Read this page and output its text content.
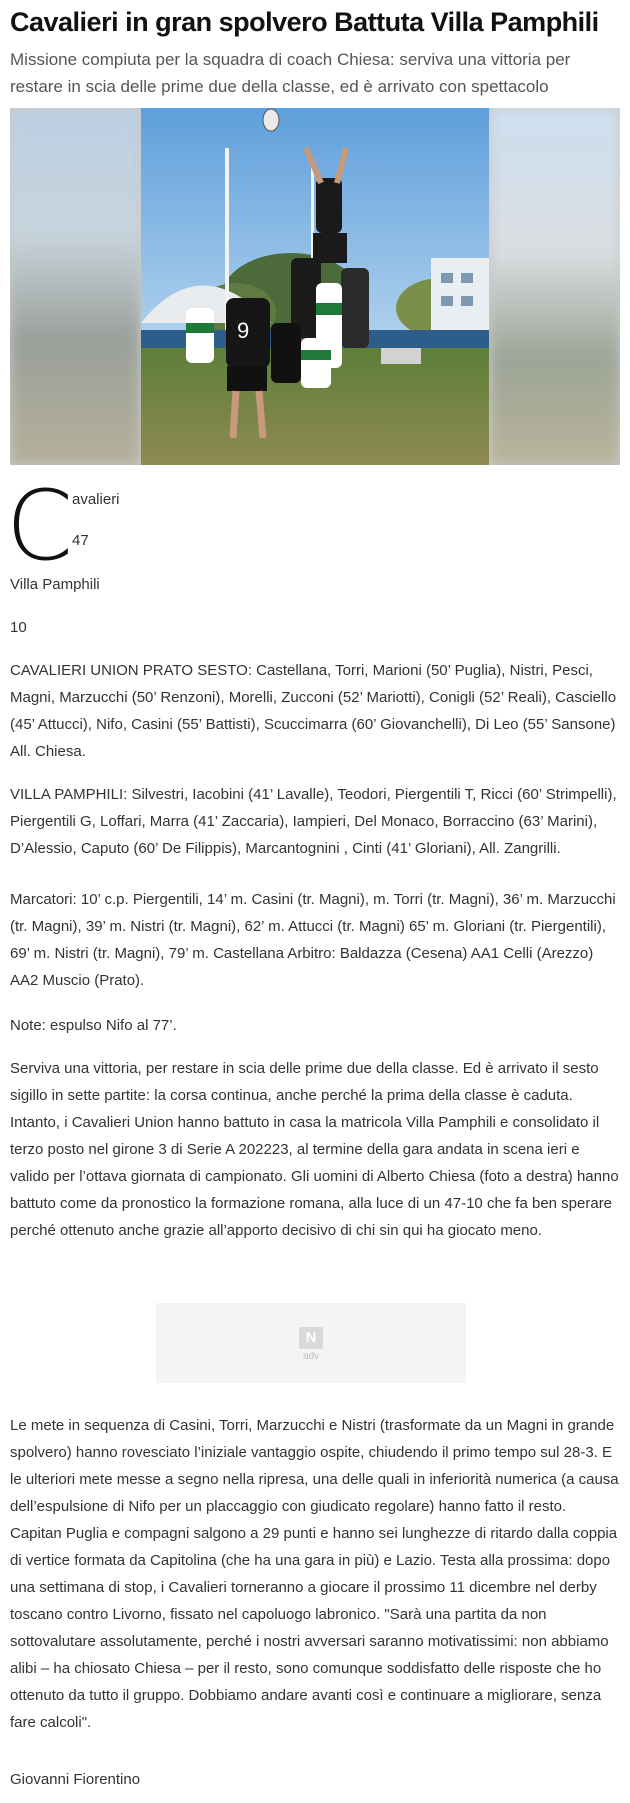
Cavalieri in gran spolvero Battuta Villa Pamphili
Missione compiuta per la squadra di coach Chiesa: serviva una vittoria per restare in scia delle prime due della classe, ed è arrivato con spettacolo
9
C
avalieri
47
Villa Pamphili
10

CAVALIERI UNION PRATO SESTO: Castellana, Torri, Marioni (50’ Puglia), Nistri, Pesci, Magni, Marzucchi (50’ Renzoni), Morelli, Zucconi (52’ Mariotti), Conigli (52’ Reali), Casciello (45’ Attucci), Nifo, Casini (55’ Battisti), Scuccimarra (60’ Giovanchelli), Di Leo (55’ Sansone) All. Chiesa.

VILLA PAMPHILI: Silvestri, Iacobini (41’ Lavalle), Teodori, Piergentili T, Ricci (60’ Strimpelli), Piergentili G, Loffari, Marra (41’ Zaccaria), Iampieri, Del Monaco, Borraccino (63’ Marini), D’Alessio, Caputo (60’ De Filippis), Marcantognini , Cinti (41’ Gloriani), All. Zangrilli.

Marcatori: 10’ c.p. Piergentili, 14’ m. Casini (tr. Magni), m. Torri (tr. Magni), 36’ m. Marzucchi (tr. Magni), 39’ m. Nistri (tr. Magni), 62’ m. Attucci (tr. Magni) 65’ m. Gloriani (tr. Piergentili), 69’ m. Nistri (tr. Magni), 79’ m. Castellana Arbitro: Baldazza (Cesena) AA1 Celli (Arezzo) AA2 Muscio (Prato).

Note: espulso Nifo al 77’.

Serviva una vittoria, per restare in scia delle prime due della classe. Ed è arrivato il sesto sigillo in sette partite: la corsa continua, anche perché la prima della classe è caduta. Intanto, i Cavalieri Union hanno battuto in casa la matricola Villa Pamphili e consolidato il terzo posto nel girone 3 di Serie A 202223, al termine della gara andata in scena ieri e valido per l’ottava giornata di campionato. Gli uomini di Alberto Chiesa (foto a destra) hanno battuto come da pronostico la formazione romana, alla luce di un 47-10 che fa ben sperare perché ottenuto anche grazie all’apporto decisivo di chi sin qui ha giocato meno.

N
adv

Le mete in sequenza di Casini, Torri, Marzucchi e Nistri (trasformate da un Magni in grande spolvero) hanno rovesciato l’iniziale vantaggio ospite, chiudendo il primo tempo sul 28-3. E le ulteriori mete messe a segno nella ripresa, una delle quali in inferiorità numerica (a causa dell’espulsione di Nifo per un placcaggio con giudicato regolare) hanno fatto il resto. Capitan Puglia e compagni salgono a 29 punti e hanno sei lunghezze di ritardo dalla coppia di vertice formata da Capitolina (che ha una gara in più) e Lazio. Testa alla prossima: dopo una settimana di stop, i Cavalieri torneranno a giocare il prossimo 11 dicembre nel derby toscano contro Livorno, fissato nel capoluogo labronico. "Sarà una partita da non sottovalutare assolutamente, perché i nostri avversari saranno motivatissimi: non abbiamo alibi – ha chiosato Chiesa – per il resto, sono comunque soddisfatto delle risposte che ho ottenuto da tutto il gruppo. Dobbiamo andare avanti così e continuare a migliorare, senza fare calcoli".

Giovanni Fiorentino
